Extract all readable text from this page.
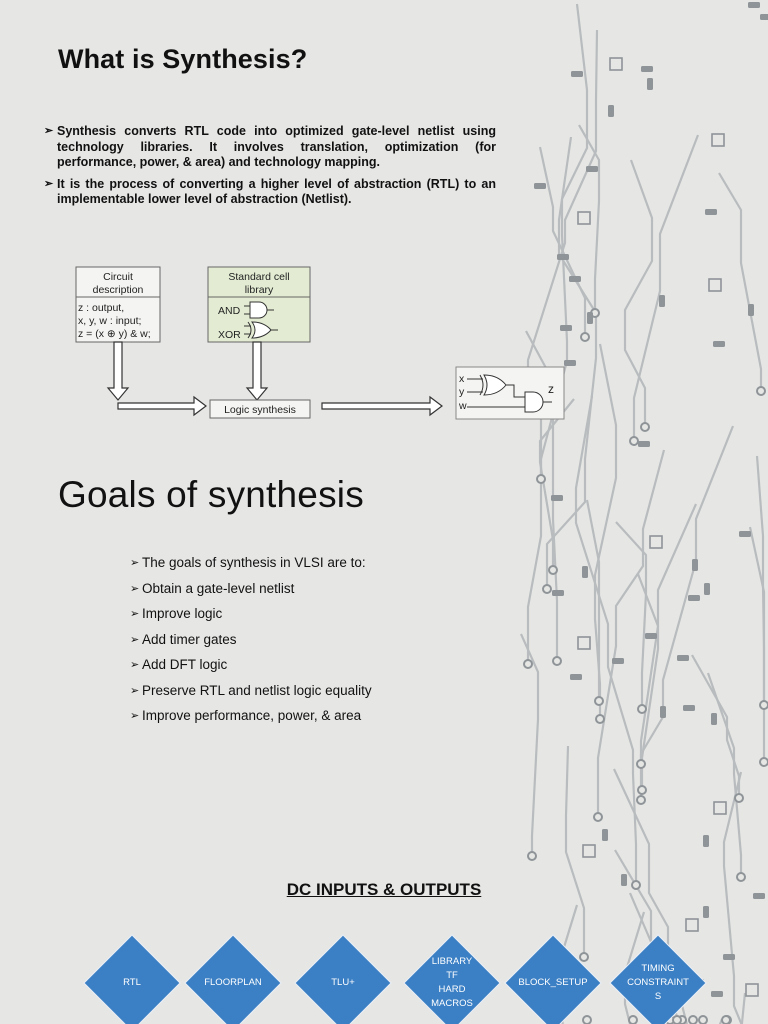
What is Synthesis?
➢ Synthesis converts RTL code into optimized gate-level netlist using technology libraries. It involves translation, optimization (for performance, power, & area) and technology mapping.
➢ It is the process of converting a higher level of abstraction (RTL) to an implementable lower level of abstraction (Netlist).
Circuit
description
z : output,
x, y, w : input;
z = (x ⊕ y) & w;
Standard cell
library
AND
XOR
Logic synthesis
x
y
w
z
Goals of synthesis
➢ The goals of synthesis in VLSI are to:
➢ Obtain a gate-level netlist
➢ Improve logic
➢ Add timer gates
➢ Add DFT logic
➢ Preserve RTL and netlist logic equality
➢ Improve performance, power, & area
DC INPUTS & OUTPUTS
RTL	FLOORPLAN	TLU+
LIBRARY
TF
HARD
MACROS
BLOCK_SETUP
TIMING
CONSTRAINT
S
